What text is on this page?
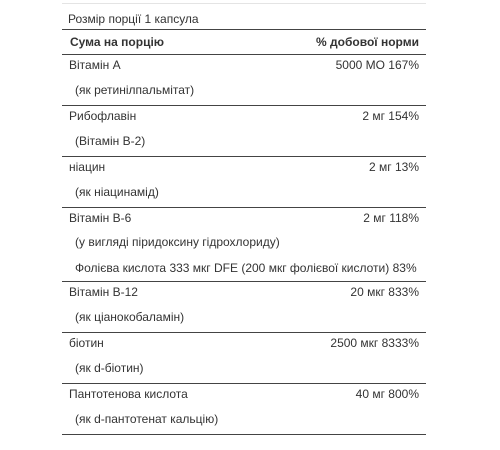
Розмір порції 1 капсула
Сума на порцію	% добової норми
Вітамін А	5000 МО 167%
(як ретинілпальмітат)
Рибофлавін	2 мг 154%
(Вітамін В-2)
ніацин	2 мг 13%
(як ніацинамід)
Вітамін В-6	2 мг 118%
(у вигляді піридоксину гідрохлориду)
Фолієва кислота 333 мкг DFE (200 мкг фолієвої кислоти) 83%
Вітамін В-12	20 мкг 833%
(як ціанокобаламін)
біотин	2500 мкг 8333%
(як d-біотин)
Пантотенова кислота	40 мг 800%
(як d-пантотенат кальцію)
